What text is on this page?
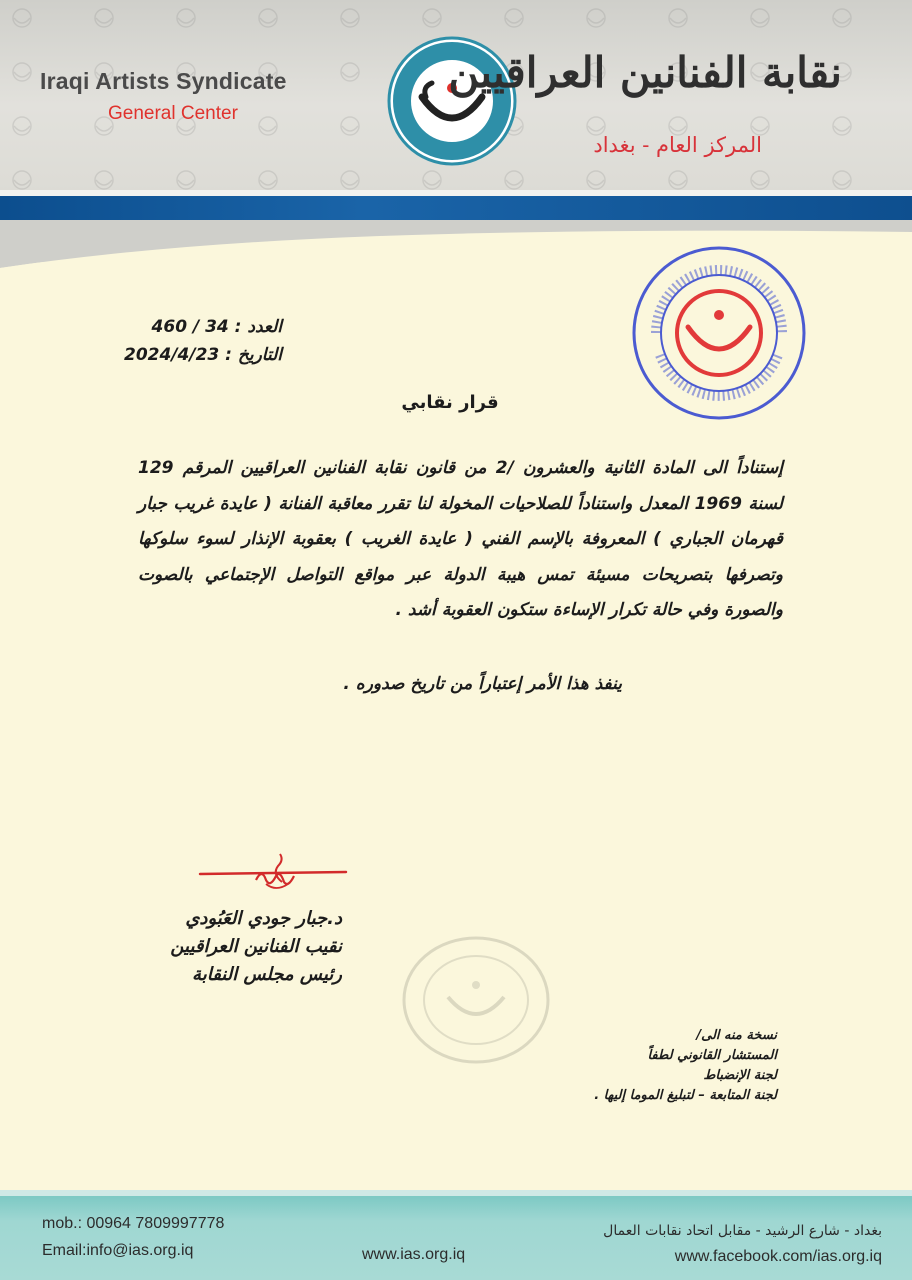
Iraqi Artists Syndicate
General Center
نقابة الفنانين العراقيين
المركز العام - بغداد
العدد : 34 / 460
التاريخ : 2024/4/23
قرار نقابي
إستناداً الى المادة الثانية والعشرون /2 من قانون نقابة الفنانين العراقيين المرقم 129 لسنة 1969 المعدل واستناداً للصلاحيات المخولة لنا تقرر معاقبة الفنانة ( عايدة غريب جبار قهرمان الجباري ) المعروفة بالإسم الفني ( عايدة الغريب ) بعقوبة الإنذار لسوء سلوكها وتصرفها بتصريحات مسيئة تمس هيبة الدولة عبر مواقع التواصل الإجتماعي بالصوت والصورة وفي حالة تكرار الإساءة ستكون العقوبة أشد .
ينفذ هذا الأمر إعتباراً من تاريخ صدوره .
د.جبار جودي العَبُودي
نقيب الفنانين العراقيين
رئيس مجلس النقابة
نسخة منه الى/
المستشار القانوني لطفاً
لجنة الإنضباط
لجنة المتابعة – لتبليغ الموما إليها .
mob.: 00964 7809997778
Email:info@ias.org.iq	www.ias.org.iq
بغداد - شارع الرشيد - مقابل اتحاد نقابات العمال
www.facebook.com/ias.org.iq
